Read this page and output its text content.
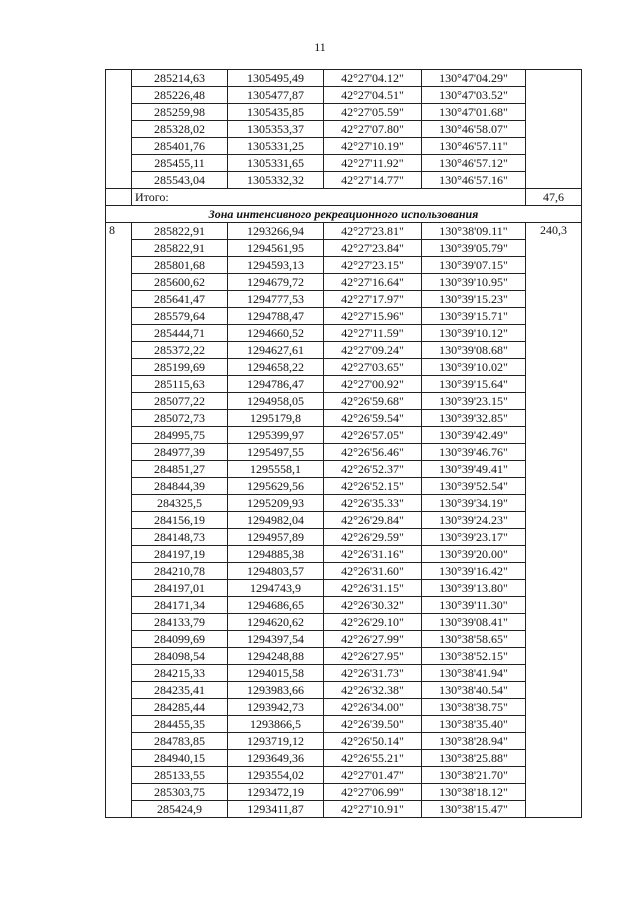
11
	285214,63	1305495,49	42°27'04.12"	130°47'04.29"	
	285226,48	1305477,87	42°27'04.51"	130°47'03.52"	
	285259,98	1305435,85	42°27'05.59"	130°47'01.68"	
	285328,02	1305353,37	42°27'07.80"	130°46'58.07"	
	285401,76	1305331,25	42°27'10.19"	130°46'57.11"	
	285455,11	1305331,65	42°27'11.92"	130°46'57.12"	
	285543,04	1305332,32	42°27'14.77"	130°46'57.16"	
	Итого:				47,6
Зона интенсивного рекреационного использования					
8	285822,91	1293266,94	42°27'23.81"	130°38'09.11"	240,3
	285822,91	1294561,95	42°27'23.84"	130°39'05.79"	
	285801,68	1294593,13	42°27'23.15"	130°39'07.15"	
	285600,62	1294679,72	42°27'16.64"	130°39'10.95"	
	285641,47	1294777,53	42°27'17.97"	130°39'15.23"	
	285579,64	1294788,47	42°27'15.96"	130°39'15.71"	
	285444,71	1294660,52	42°27'11.59"	130°39'10.12"	
	285372,22	1294627,61	42°27'09.24"	130°39'08.68"	
	285199,69	1294658,22	42°27'03.65"	130°39'10.02"	
	285115,63	1294786,47	42°27'00.92"	130°39'15.64"	
	285077,22	1294958,05	42°26'59.68"	130°39'23.15"	
	285072,73	1295179,8	42°26'59.54"	130°39'32.85"	
	284995,75	1295399,97	42°26'57.05"	130°39'42.49"	
	284977,39	1295497,55	42°26'56.46"	130°39'46.76"	
	284851,27	1295558,1	42°26'52.37"	130°39'49.41"	
	284844,39	1295629,56	42°26'52.15"	130°39'52.54"	
	284325,5	1295209,93	42°26'35.33"	130°39'34.19"	
	284156,19	1294982,04	42°26'29.84"	130°39'24.23"	
	284148,73	1294957,89	42°26'29.59"	130°39'23.17"	
	284197,19	1294885,38	42°26'31.16"	130°39'20.00"	
	284210,78	1294803,57	42°26'31.60"	130°39'16.42"	
	284197,01	1294743,9	42°26'31.15"	130°39'13.80"	
	284171,34	1294686,65	42°26'30.32"	130°39'11.30"	
	284133,79	1294620,62	42°26'29.10"	130°39'08.41"	
	284099,69	1294397,54	42°26'27.99"	130°38'58.65"	
	284098,54	1294248,88	42°26'27.95"	130°38'52.15"	
	284215,33	1294015,58	42°26'31.73"	130°38'41.94"	
	284235,41	1293983,66	42°26'32.38"	130°38'40.54"	
	284285,44	1293942,73	42°26'34.00"	130°38'38.75"	
	284455,35	1293866,5	42°26'39.50"	130°38'35.40"	
	284783,85	1293719,12	42°26'50.14"	130°38'28.94"	
	284940,15	1293649,36	42°26'55.21"	130°38'25.88"	
	285133,55	1293554,02	42°27'01.47"	130°38'21.70"	
	285303,75	1293472,19	42°27'06.99"	130°38'18.12"	
	285424,9	1293411,87	42°27'10.91"	130°38'15.47"	
